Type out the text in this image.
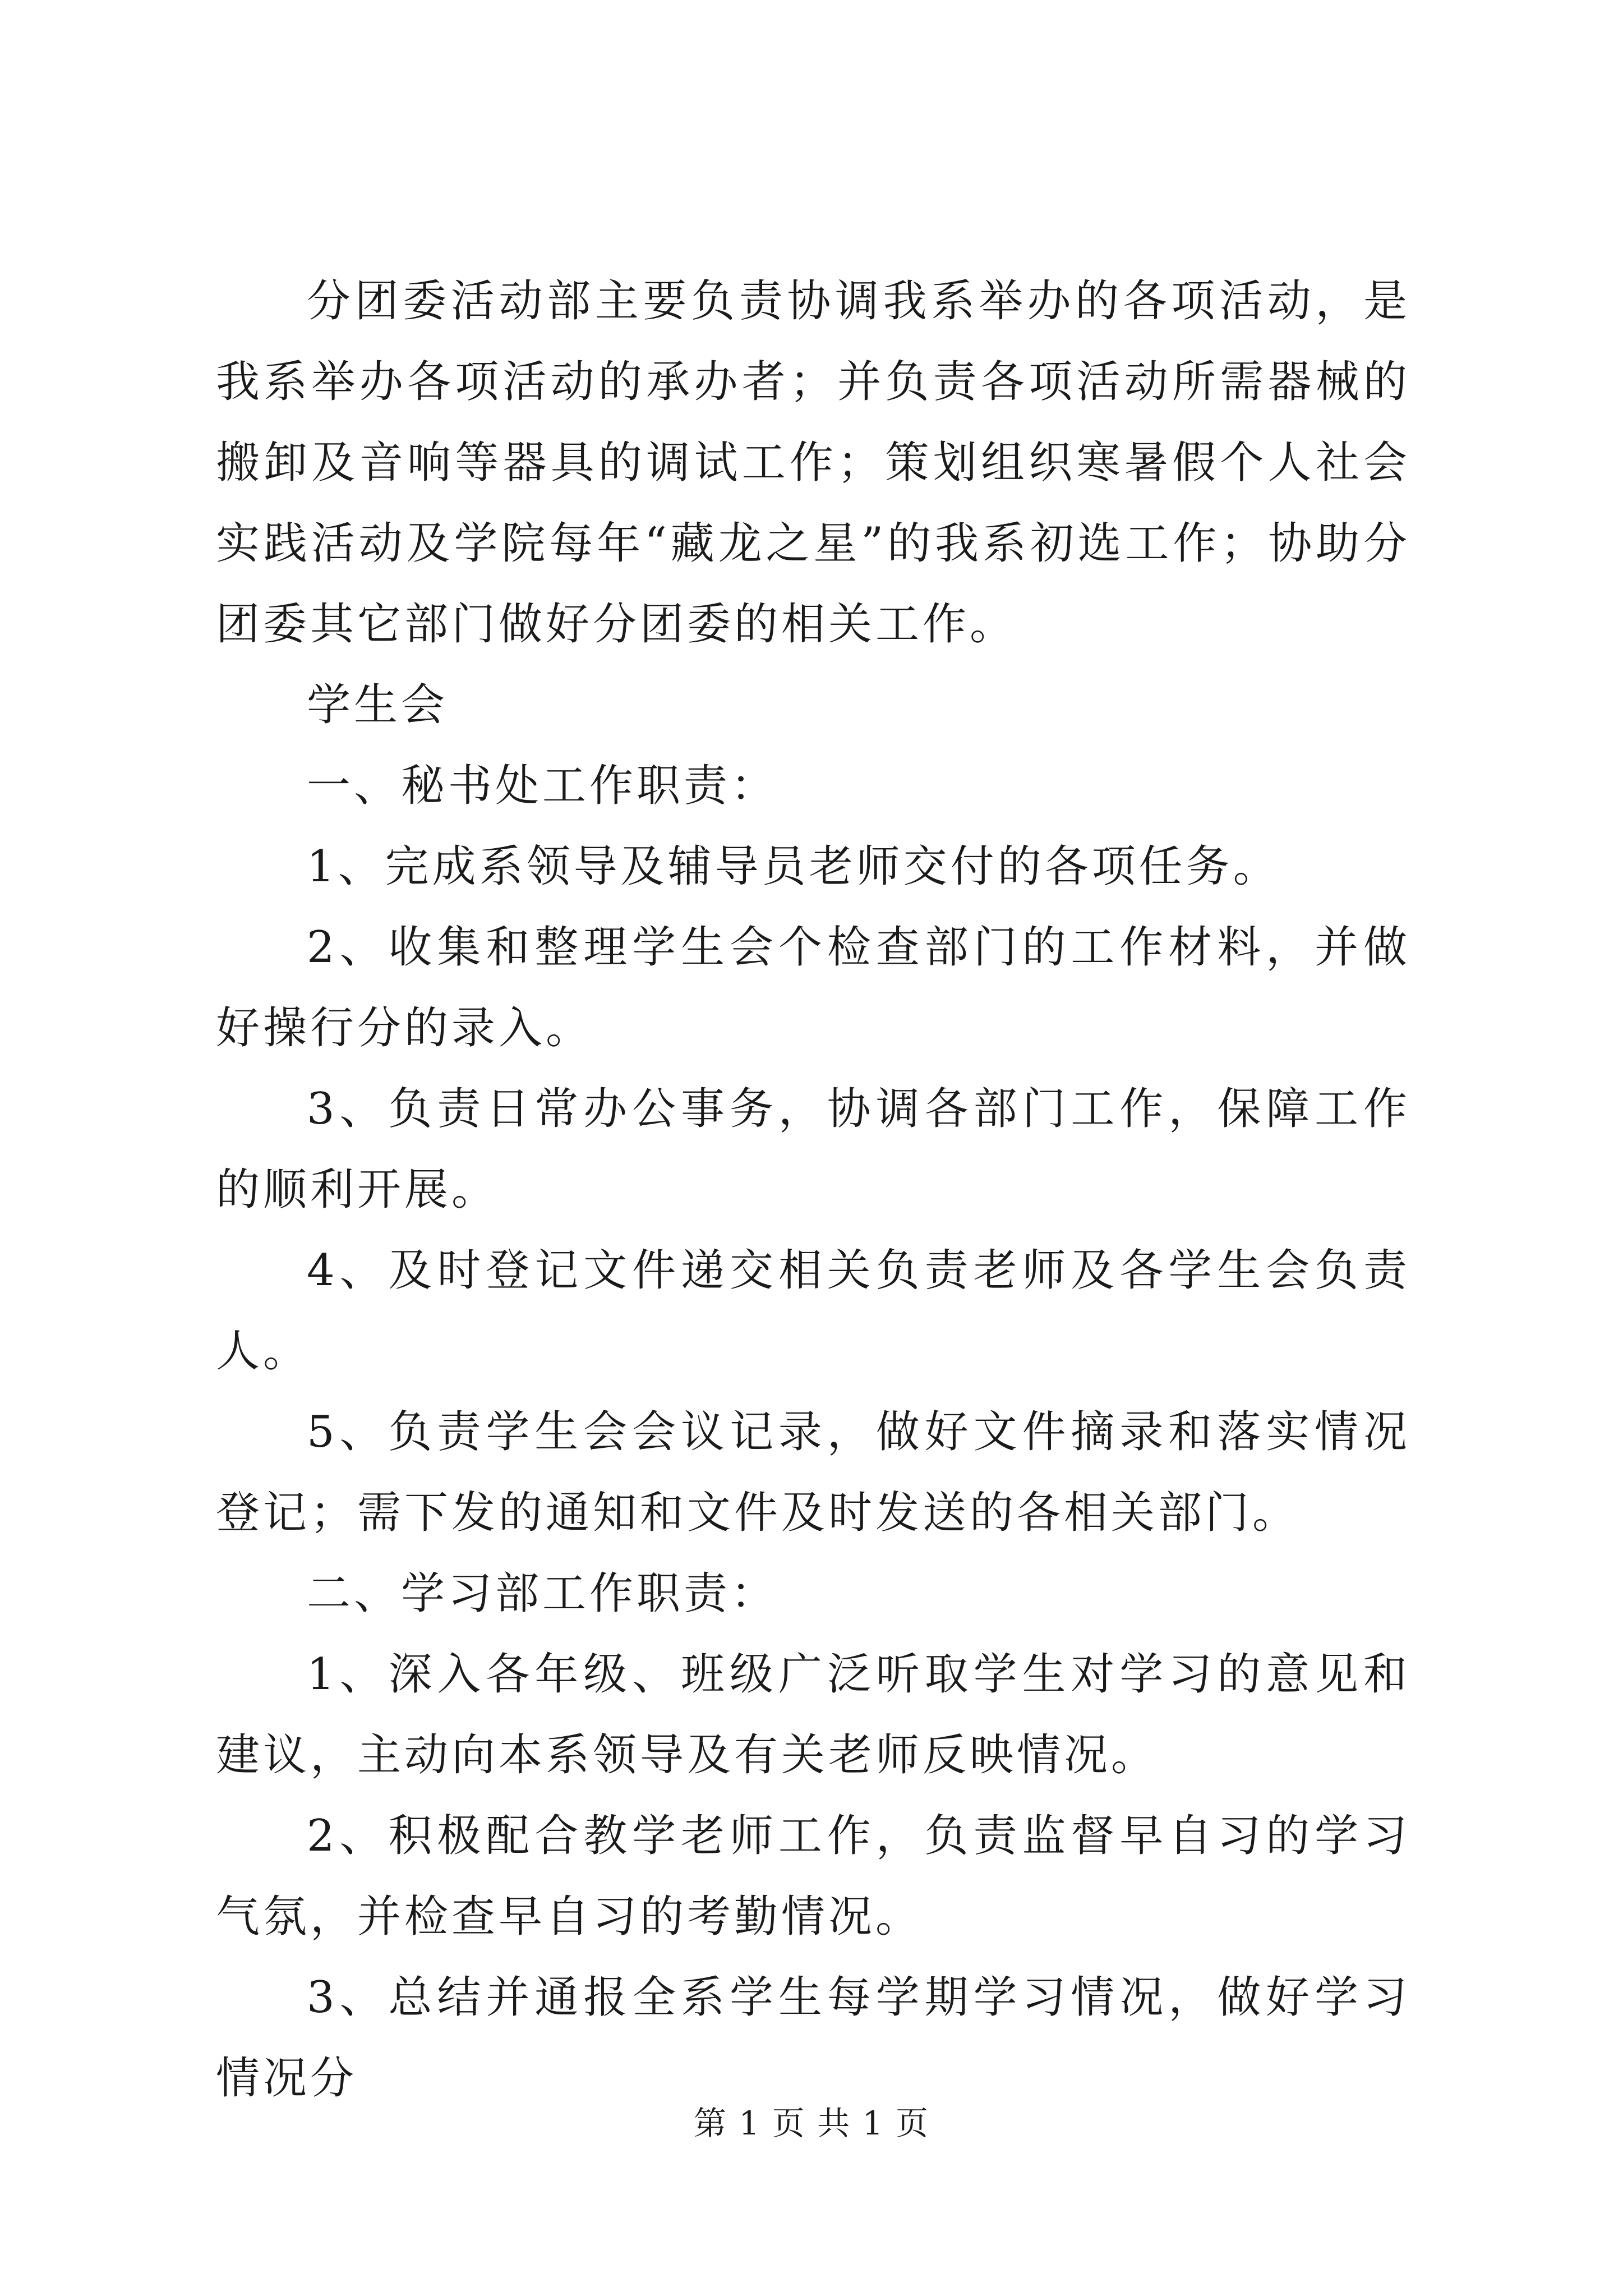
分团委活动部主要负责协调我系举办的各项活动，是我系举办各项活动的承办者；并负责各项活动所需器械的搬卸及音响等器具的调试工作；策划组织寒暑假个人社会实践活动及学院每年“藏龙之星”的我系初选工作；协助分团委其它部门做好分团委的相关工作。

学生会

一、秘书处工作职责：

1、完成系领导及辅导员老师交付的各项任务。

2、收集和整理学生会个检查部门的工作材料，并做好操行分的录入。

3、负责日常办公事务，协调各部门工作，保障工作的顺利开展。

4、及时登记文件递交相关负责老师及各学生会负责人。

5、负责学生会会议记录，做好文件摘录和落实情况登记；需下发的通知和文件及时发送的各相关部门。

二、学习部工作职责：

1、深入各年级、班级广泛听取学生对学习的意见和建议，主动向本系领导及有关老师反映情况。

2、积极配合教学老师工作，负责监督早自习的学习气氛，并检查早自习的考勤情况。

3、总结并通报全系学生每学期学习情况，做好学习情况分

第 1 页 共 1 页
